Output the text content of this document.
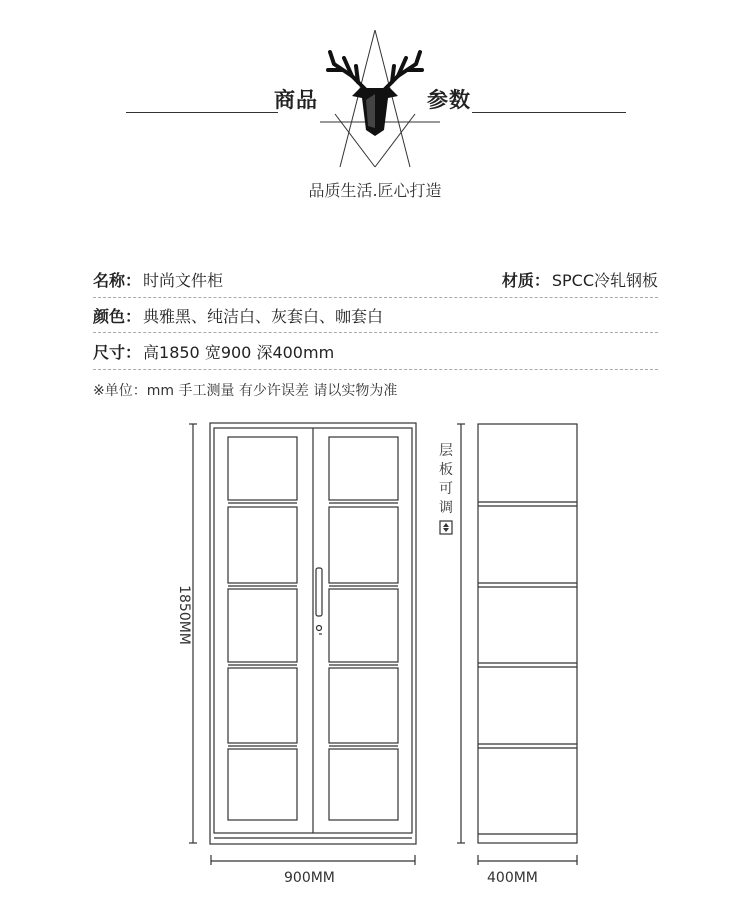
商品	参数
品质生活.匠心打造
名称： 时尚文件柜	材质： SPCC冷轧钢板
颜色： 典雅黑、纯洁白、灰套白、咖套白
尺寸： 高1850 宽900 深400mm
※单位：mm 手工测量 有少许误差 请以实物为准
1850MM
900MM	400MM
层
板
可
调
